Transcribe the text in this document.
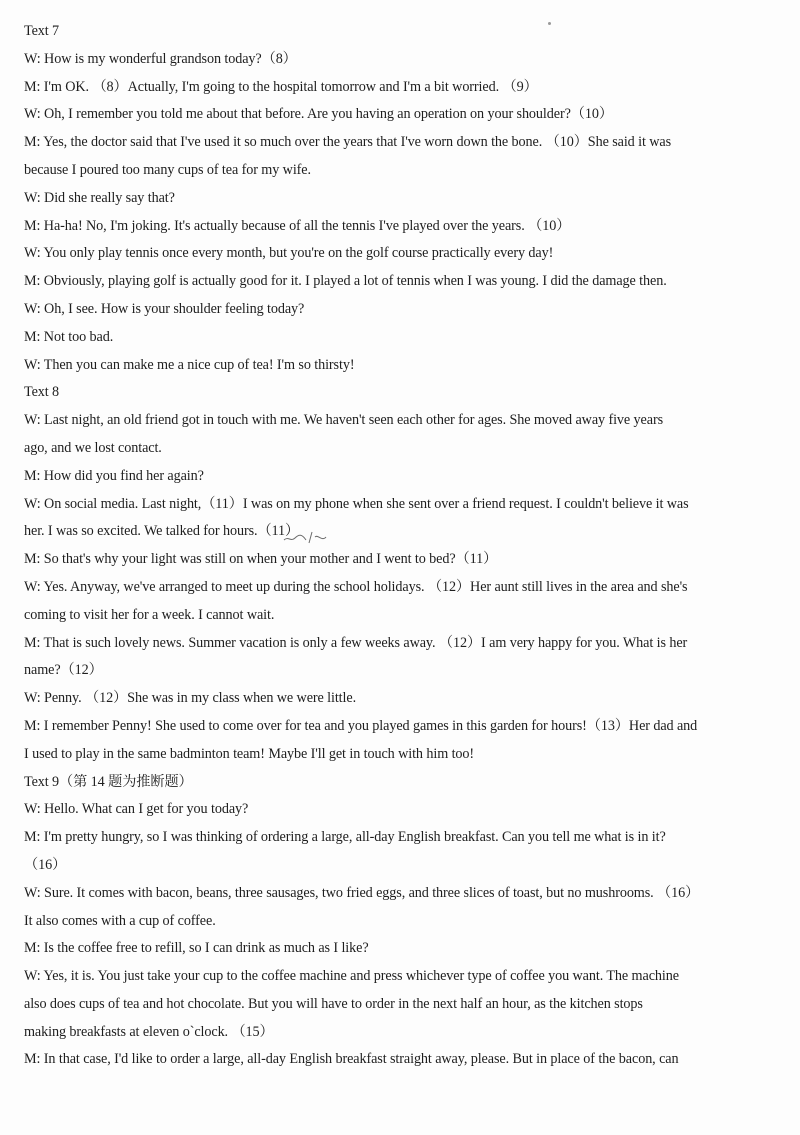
Text 7
W: How is my wonderful grandson today?（8）
M: I'm OK. （8）Actually, I'm going to the hospital tomorrow and I'm a bit worried. （9）
W: Oh, I remember you told me about that before. Are you having an operation on your shoulder?（10）
M: Yes, the doctor said that I've used it so much over the years that I've worn down the bone. （10）She said it was
because I poured too many cups of tea for my wife.
W: Did she really say that?
M: Ha-ha! No, I'm joking. It's actually because of all the tennis I've played over the years. （10）
W: You only play tennis once every month, but you're on the golf course practically every day!
M: Obviously, playing golf is actually good for it. I played a lot of tennis when I was young. I did the damage then.
W: Oh, I see. How is your shoulder feeling today?
M: Not too bad.
W: Then you can make me a nice cup of tea! I'm so thirsty!
Text 8
W: Last night, an old friend got in touch with me. We haven't seen each other for ages. She moved away five years
ago, and we lost contact.
M: How did you find her again?
W: On social media. Last night,（11）I was on my phone when she sent over a friend request. I couldn't believe it was
her. I was so excited. We talked for hours.（11）
M: So that's why your light was still on when your mother and I went to bed?（11）
W: Yes. Anyway, we've arranged to meet up during the school holidays. （12）Her aunt still lives in the area and she's
coming to visit her for a week. I cannot wait.
M: That is such lovely news. Summer vacation is only a few weeks away. （12）I am very happy for you. What is her
name?（12）
W: Penny. （12）She was in my class when we were little.
M: I remember Penny! She used to come over for tea and you played games in this garden for hours!（13）Her dad and
I used to play in the same badminton team! Maybe I'll get in touch with him too!
Text 9（第 14 题为推断题）
W: Hello. What can I get for you today?
M: I'm pretty hungry, so I was thinking of ordering a large, all-day English breakfast. Can you tell me what is in it?
（16）
W: Sure. It comes with bacon, beans, three sausages, two fried eggs, and three slices of toast, but no mushrooms. （16）
It also comes with a cup of coffee.
M: Is the coffee free to refill, so I can drink as much as I like?
W: Yes, it is. You just take your cup to the coffee machine and press whichever type of coffee you want. The machine
also does cups of tea and hot chocolate. But you will have to order in the next half an hour, as the kitchen stops
making breakfasts at eleven o`clock. （15）
M: In that case, I'd like to order a large, all-day English breakfast straight away, please. But in place of the bacon, can
